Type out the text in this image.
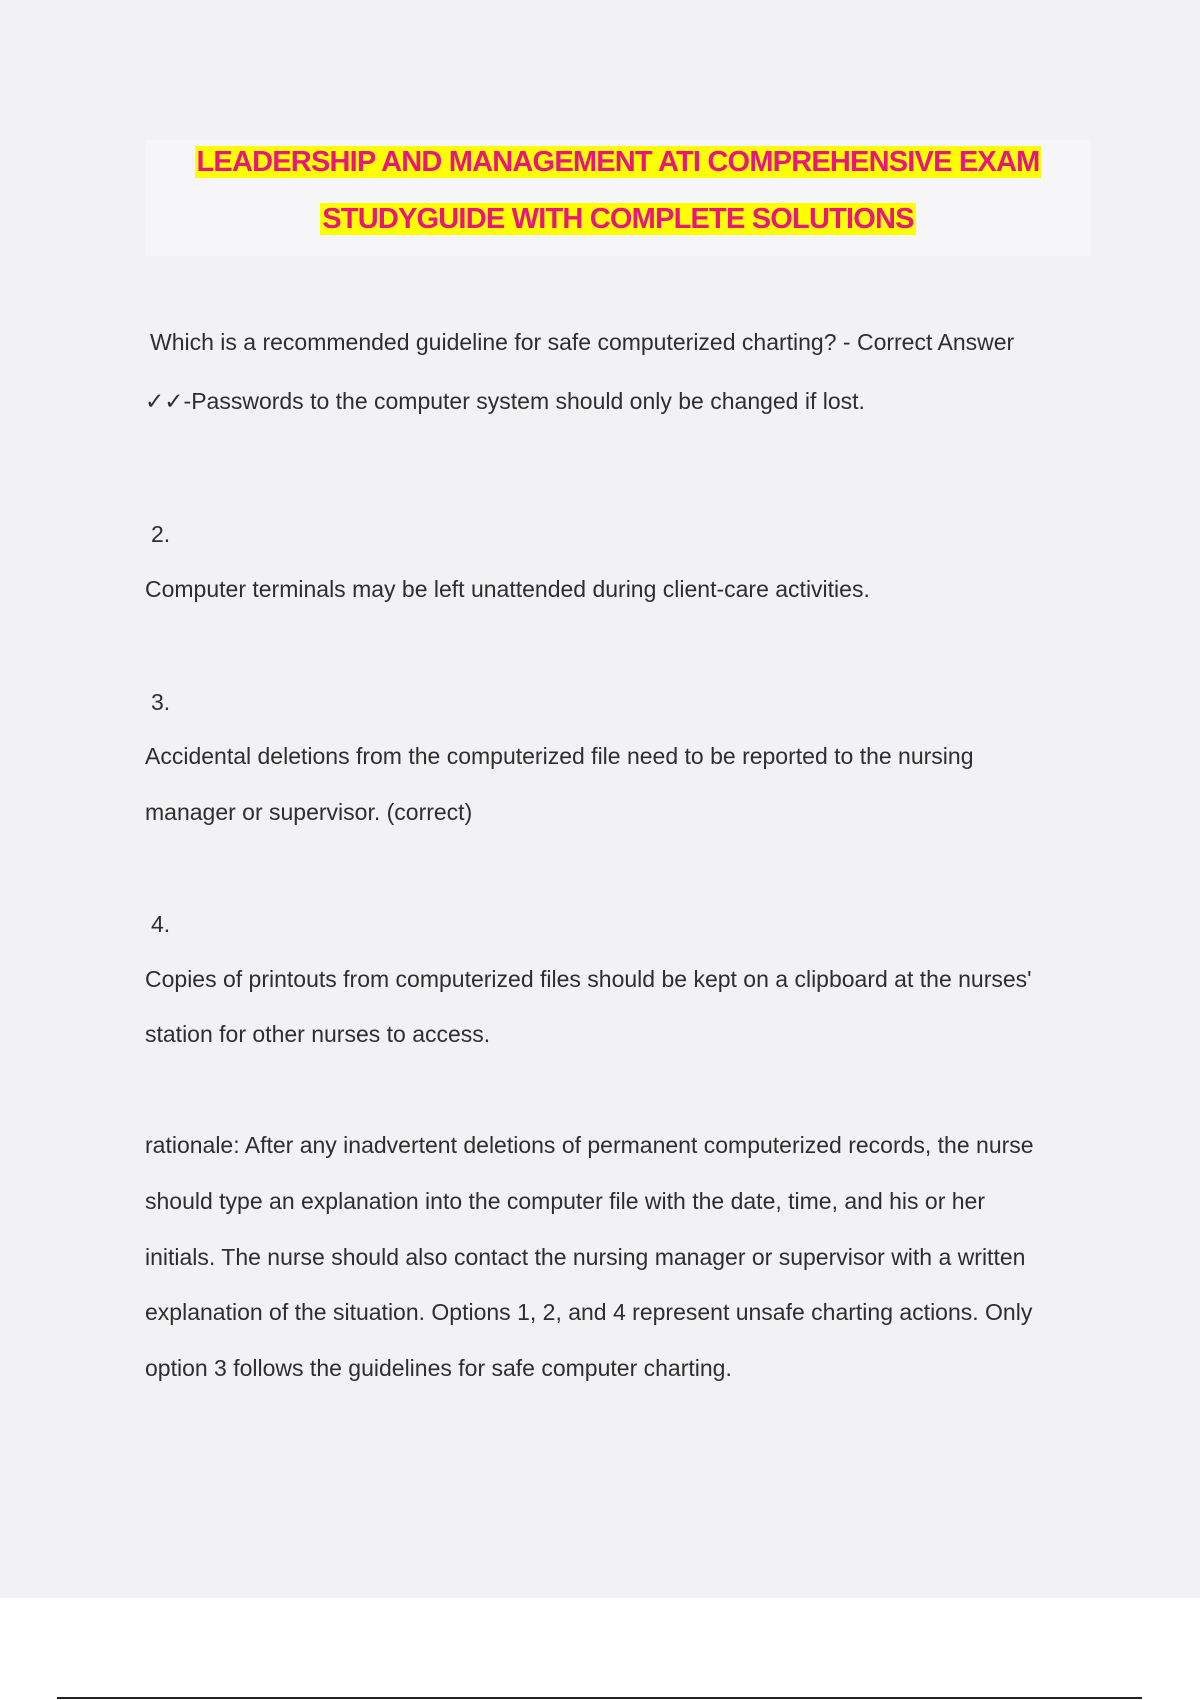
LEADERSHIP AND MANAGEMENT ATI COMPREHENSIVE EXAM
STUDYGUIDE WITH COMPLETE SOLUTIONS
Which is a recommended guideline for safe computerized charting? - Correct Answer
✓✓-Passwords to the computer system should only be changed if lost.
2.
Computer terminals may be left unattended during client-care activities.
3.
Accidental deletions from the computerized file need to be reported to the nursing
manager or supervisor. (correct)
4.
Copies of printouts from computerized files should be kept on a clipboard at the nurses'
station for other nurses to access.
rationale: After any inadvertent deletions of permanent computerized records, the nurse
should type an explanation into the computer file with the date, time, and his or her
initials. The nurse should also contact the nursing manager or supervisor with a written
explanation of the situation. Options 1, 2, and 4 represent unsafe charting actions. Only
option 3 follows the guidelines for safe computer charting.
